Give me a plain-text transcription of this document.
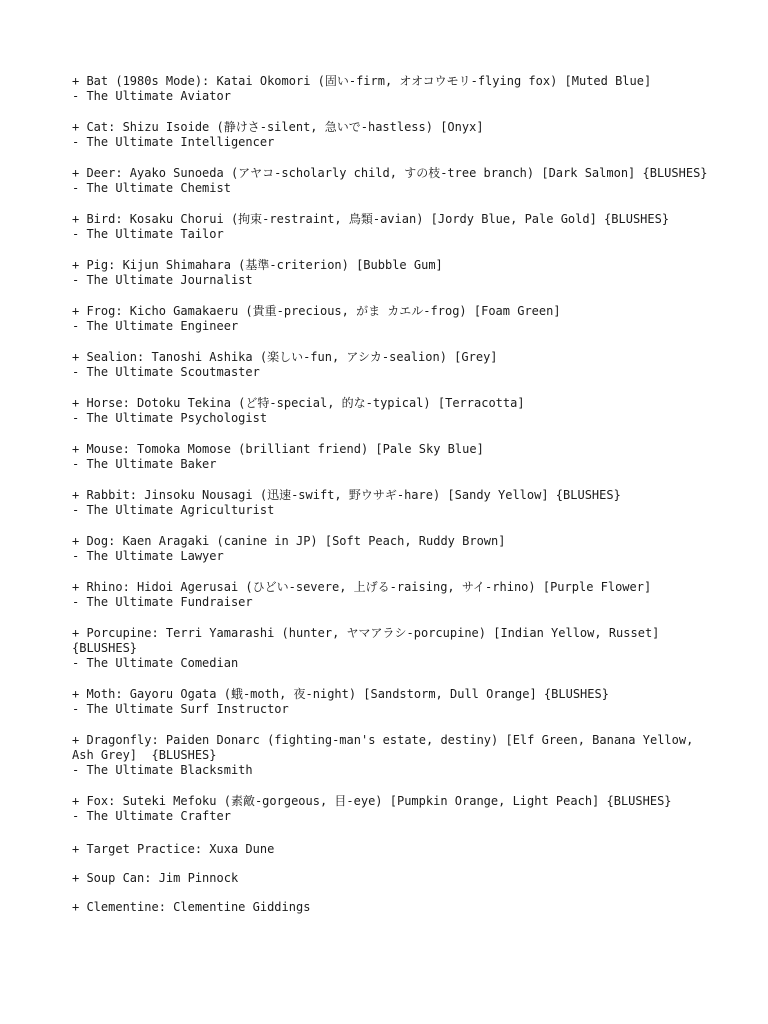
+ Bat (1980s Mode): Katai Okomori (固い-firm, オオコウモリ-flying fox) [Muted Blue]
- The Ultimate Aviator
+ Cat: Shizu Isoide (静けさ-silent, 急いで-hastless) [Onyx]
- The Ultimate Intelligencer
+ Deer: Ayako Sunoeda (アヤコ-scholarly child, すの枝-tree branch) [Dark Salmon] {BLUSHES}
- The Ultimate Chemist
+ Bird: Kosaku Chorui (拘束-restraint, 鳥類-avian) [Jordy Blue, Pale Gold] {BLUSHES}
- The Ultimate Tailor
+ Pig: Kijun Shimahara (基準-criterion) [Bubble Gum]
- The Ultimate Journalist
+ Frog: Kicho Gamakaeru (貴重-precious, がま カエル-frog) [Foam Green]
- The Ultimate Engineer
+ Sealion: Tanoshi Ashika (楽しい-fun, アシカ-sealion) [Grey]
- The Ultimate Scoutmaster
+ Horse: Dotoku Tekina (ど特-special, 的な-typical) [Terracotta]
- The Ultimate Psychologist
+ Mouse: Tomoka Momose (brilliant friend) [Pale Sky Blue]
- The Ultimate Baker
+ Rabbit: Jinsoku Nousagi (迅速-swift, 野ウサギ-hare) [Sandy Yellow] {BLUSHES}
- The Ultimate Agriculturist
+ Dog: Kaen Aragaki (canine in JP) [Soft Peach, Ruddy Brown]
- The Ultimate Lawyer
+ Rhino: Hidoi Agerusai (ひどい-severe, 上げる-raising, サイ-rhino) [Purple Flower]
- The Ultimate Fundraiser
+ Porcupine: Terri Yamarashi (hunter, ヤマアラシ-porcupine) [Indian Yellow, Russet] {BLUSHES}
- The Ultimate Comedian
+ Moth: Gayoru Ogata (蛾-moth, 夜-night) [Sandstorm, Dull Orange] {BLUSHES}
- The Ultimate Surf Instructor
+ Dragonfly: Paiden Donarc (fighting-man's estate, destiny) [Elf Green, Banana Yellow, Ash Grey]  {BLUSHES}
- The Ultimate Blacksmith
+ Fox: Suteki Mefoku (素敵-gorgeous, 目-eye) [Pumpkin Orange, Light Peach] {BLUSHES}
- The Ultimate Crafter
+ Target Practice: Xuxa Dune
+ Soup Can: Jim Pinnock
+ Clementine: Clementine Giddings
